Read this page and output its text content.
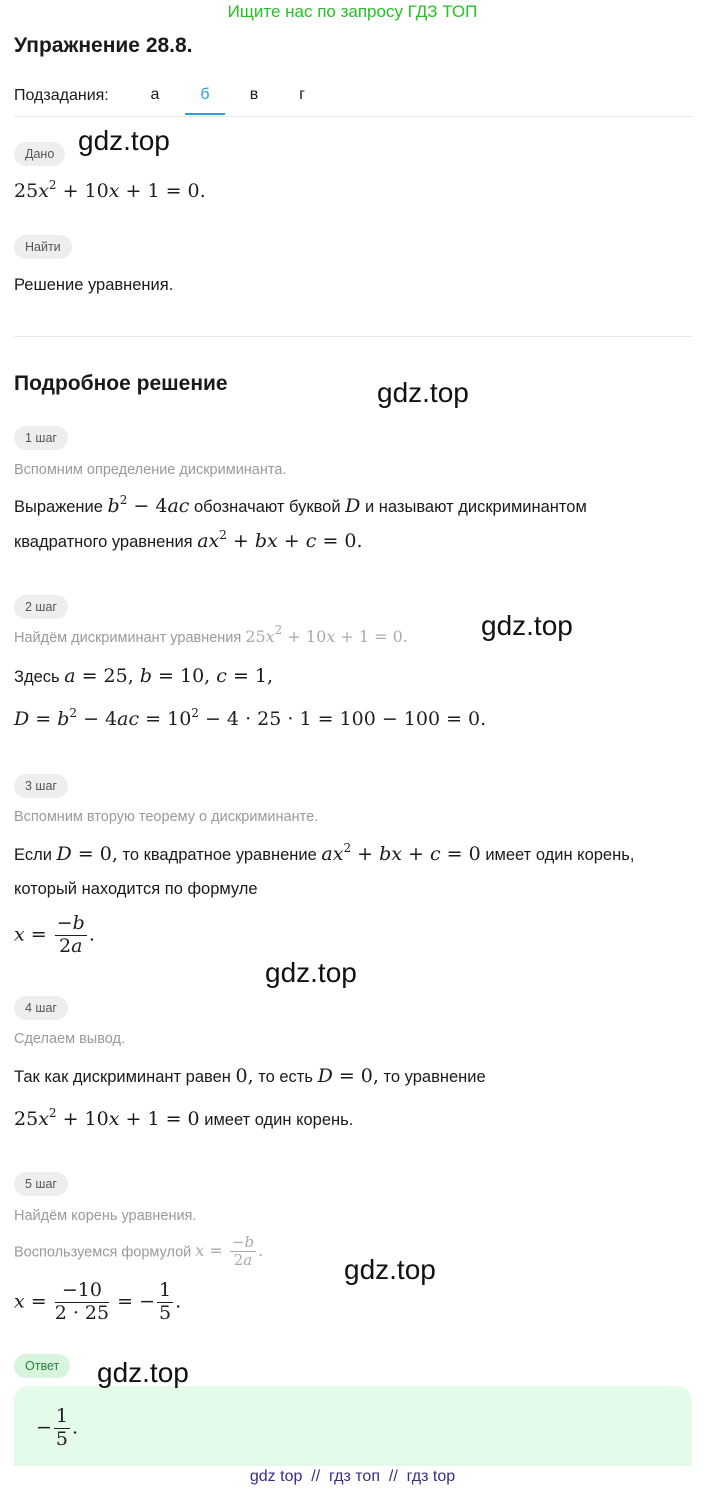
Ищите нас по запросу ГДЗ ТОП
Упражнение 28.8.
Подзадания:	а	б	в	г
Дано
$25x^2 + 10x + 1 = 0$.
Найти
Решение уравнения.
Подробное решение
1 шаг
Вспомним определение дискриминанта.
Выражение $b^2 - 4ac$ обозначают буквой D и называют дискриминантом
квадратного уравнения $ax^2$ + bx + c = 0.
2 шаг
Найдём дискриминант уравнения $25x^2 + 10x + 1 = 0$.
Здесь a = 25, b = 10, c = 1,
$D = b^2 - 4ac = 10^2 - 4 \cdot 25 \cdot 1 = 100 - 100 = 0$.
3 шаг
Вспомним вторую теорему о дискриминанте.
Если D = 0, то квадратное уравнение $ax^2$ + bx + c = 0 имеет один корень,
который находится по формуле
$x = \frac{-b}{2a}$ .
4 шаг
Сделаем вывод.
Так как дискриминант равен 0, то есть D = 0, то уравнение
$25x^2 + 10x + 1 = 0$ имеет один корень.
5 шаг
Найдём корень уравнения.
Воспользуемся формулой $x = \frac{-b}{2a}$ .
$x = \frac{-10}{2 \cdot 25}$ = − $\frac{1}{5}$ .
Ответ
− $\frac{1}{5}$ .
gdz.top
gdz.top
gdz.top
gdz.top
gdz.top
gdz.top
gdz top  //  гдз топ  //  гдз top
